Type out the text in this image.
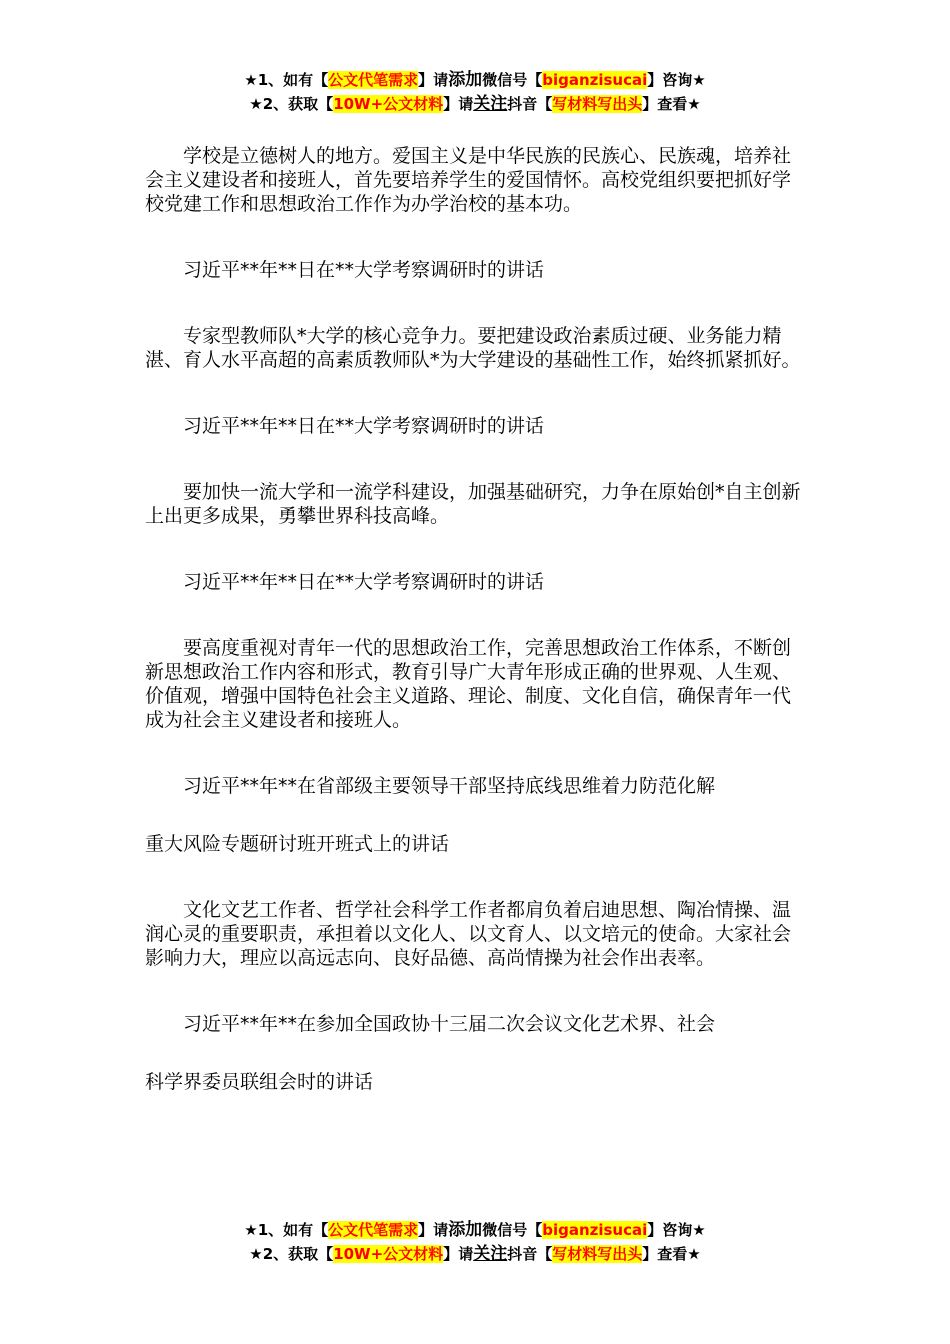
★1、如有【公文代笔需求】请添加微信号【biganzisucai】咨询★
★2、获取【10W+公文材料】请关注抖音【写材料写出头】查看★

学校是立德树人的地方。爱国主义是中华民族的民族心、民族魂，培养社会主义建设者和接班人，首先要培养学生的爱国情怀。高校党组织要把抓好学校党建工作和思想政治工作作为办学治校的基本功。

习近平**年**日在**大学考察调研时的讲话

专家型教师队*大学的核心竞争力。要把建设政治素质过硬、业务能力精湛、育人水平高超的高素质教师队*为大学建设的基础性工作，始终抓紧抓好。

习近平**年**日在**大学考察调研时的讲话

要加快一流大学和一流学科建设，加强基础研究，力争在原始创*自主创新上出更多成果，勇攀世界科技高峰。

习近平**年**日在**大学考察调研时的讲话

要高度重视对青年一代的思想政治工作，完善思想政治工作体系，不断创新思想政治工作内容和形式，教育引导广大青年形成正确的世界观、人生观、价值观，增强中国特色社会主义道路、理论、制度、文化自信，确保青年一代成为社会主义建设者和接班人。

习近平**年**在省部级主要领导干部坚持底线思维着力防范化解

重大风险专题研讨班开班式上的讲话

文化文艺工作者、哲学社会科学工作者都肩负着启迪思想、陶冶情操、温润心灵的重要职责，承担着以文化人、以文育人、以文培元的使命。大家社会影响力大，理应以高远志向、良好品德、高尚情操为社会作出表率。

习近平**年**在参加全国政协十三届二次会议文化艺术界、社会

科学界委员联组会时的讲话

★1、如有【公文代笔需求】请添加微信号【biganzisucai】咨询★
★2、获取【10W+公文材料】请关注抖音【写材料写出头】查看★
